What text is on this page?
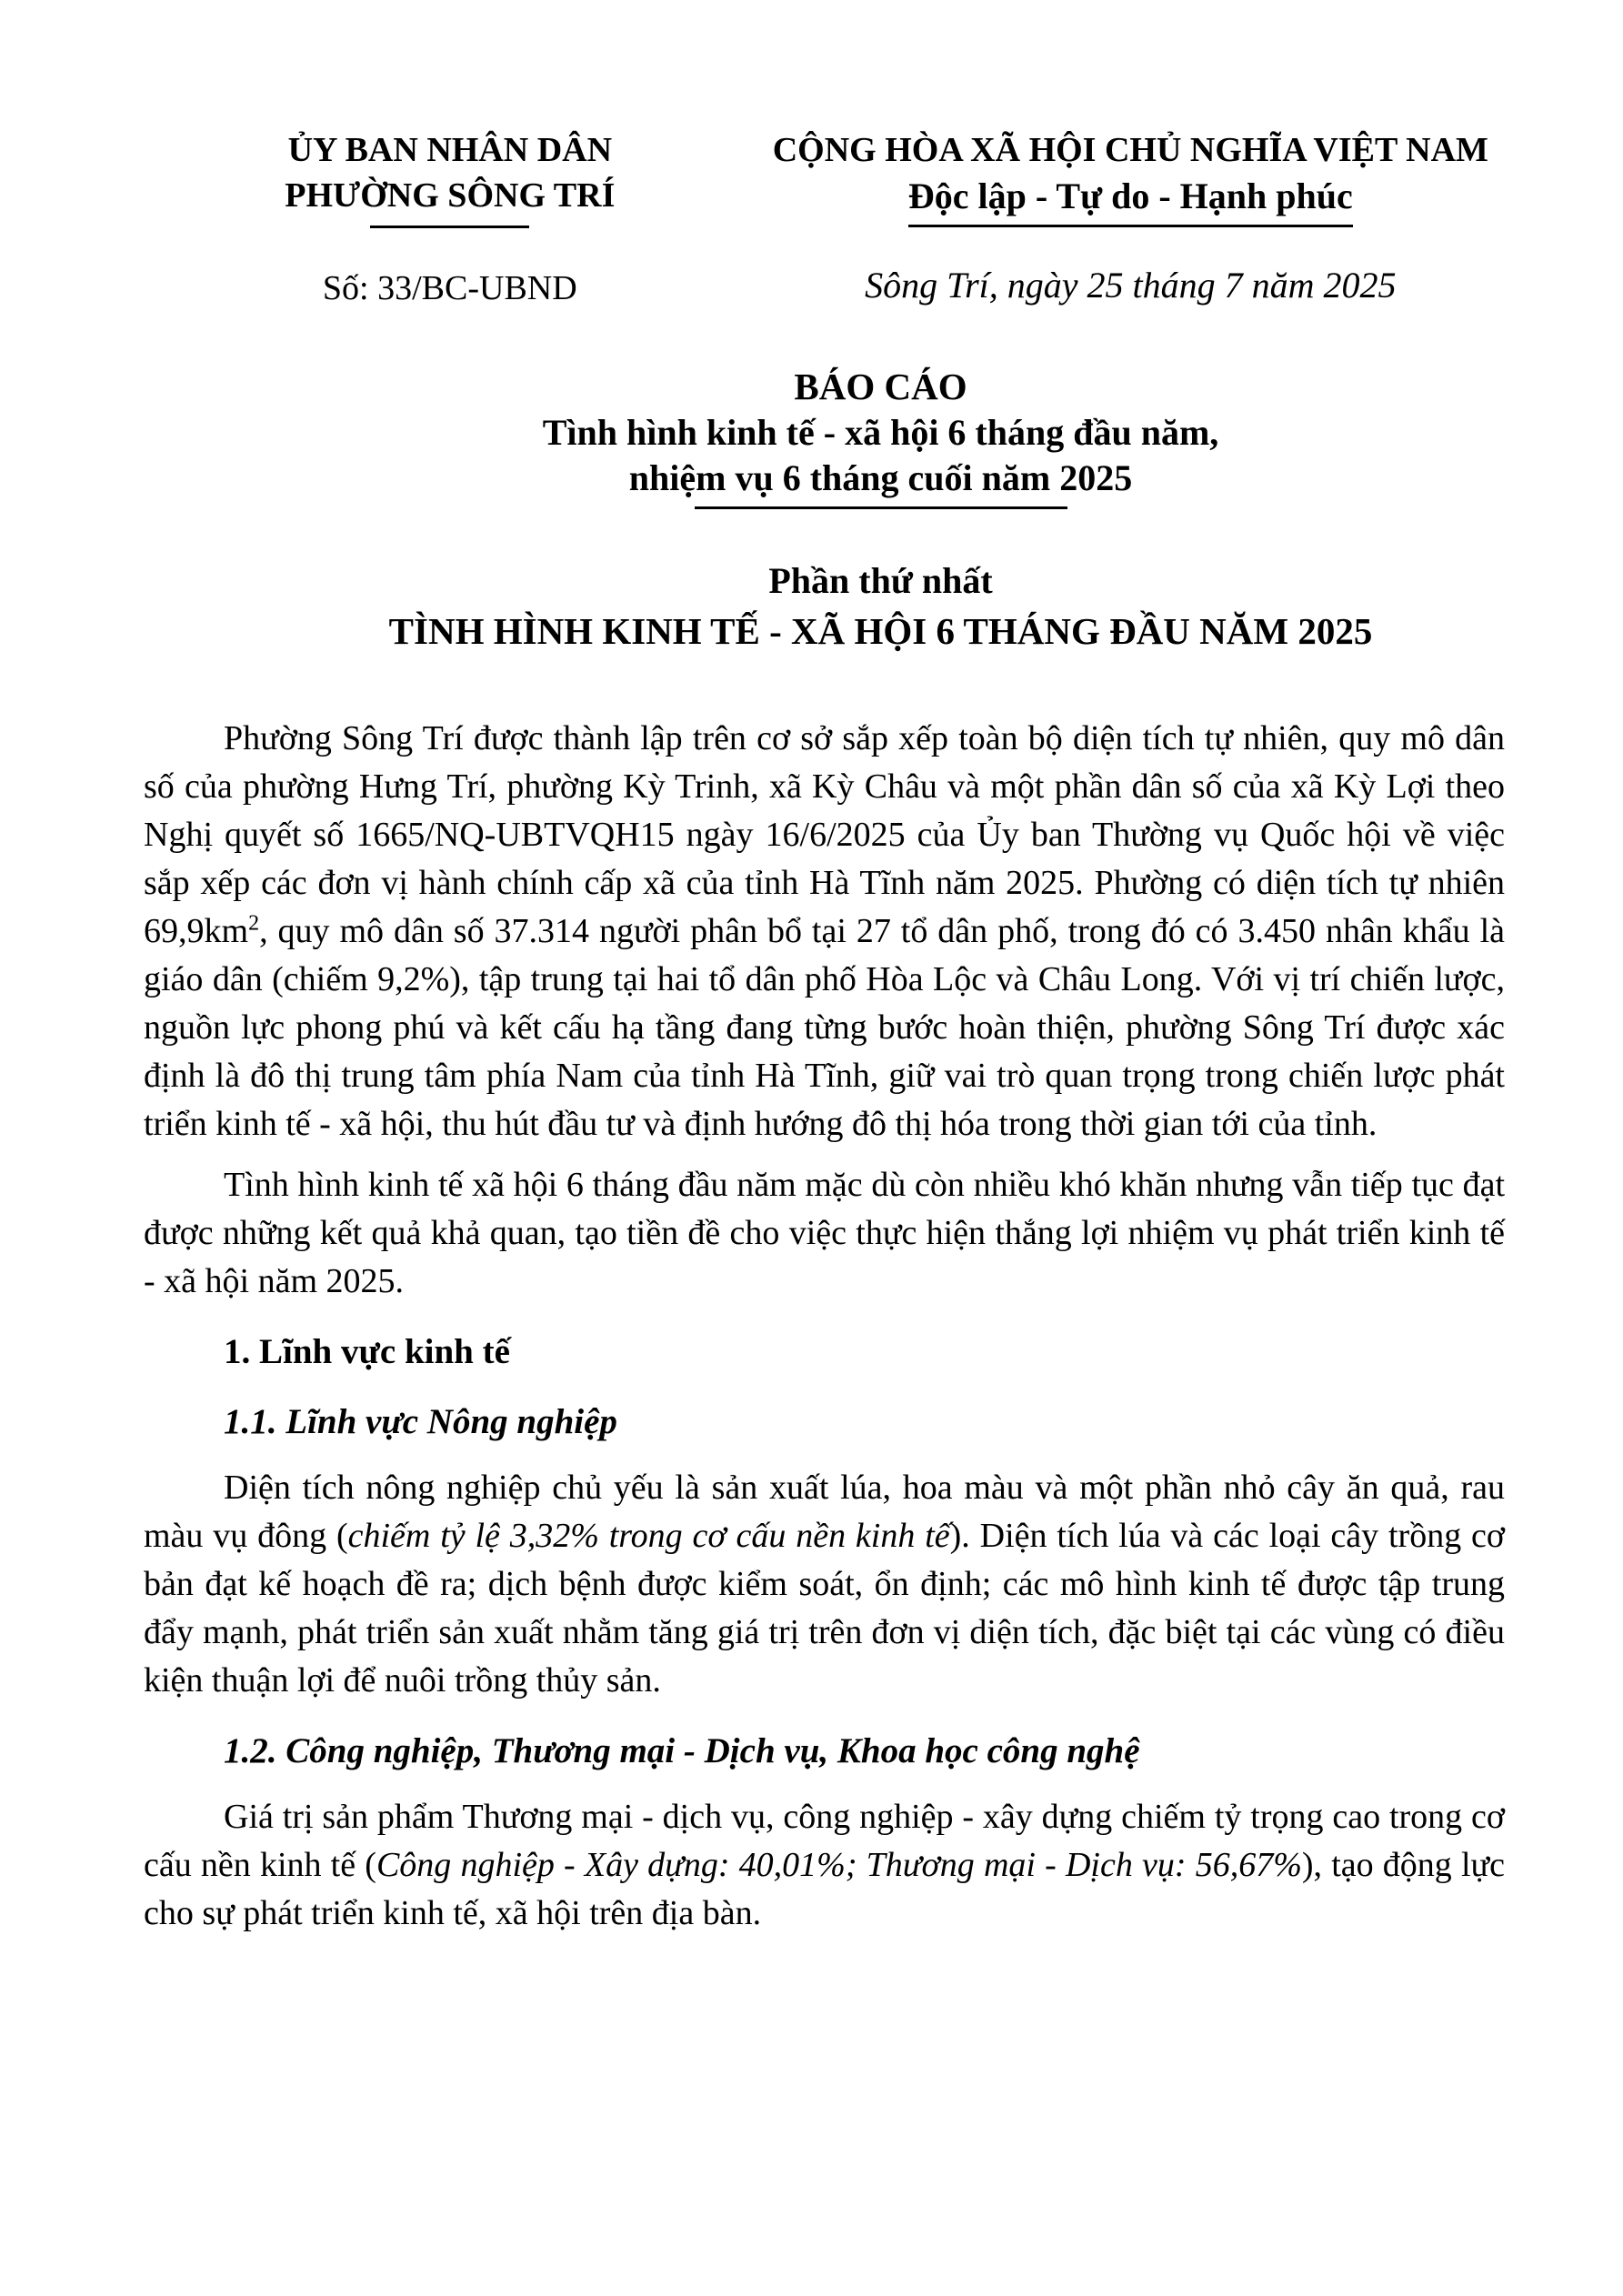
ỦY BAN NHÂN DÂN
PHƯỜNG SÔNG TRÍ
Số: 33/BC-UBND
CỘNG HÒA XÃ HỘI CHỦ NGHĨA VIỆT NAM
Độc lập - Tự do - Hạnh phúc
Sông Trí, ngày 25 tháng 7 năm 2025
BÁO CÁO
Tình hình kinh tế - xã hội 6 tháng đầu năm,
nhiệm vụ 6 tháng cuối năm 2025
Phần thứ nhất
TÌNH HÌNH KINH TẾ - XÃ HỘI 6 THÁNG ĐẦU NĂM 2025

Phường Sông Trí được thành lập trên cơ sở sắp xếp toàn bộ diện tích tự nhiên, quy mô dân số của phường Hưng Trí, phường Kỳ Trinh, xã Kỳ Châu và một phần dân số của xã Kỳ Lợi theo Nghị quyết số 1665/NQ-UBTVQH15 ngày 16/6/2025 của Ủy ban Thường vụ Quốc hội về việc sắp xếp các đơn vị hành chính cấp xã của tỉnh Hà Tĩnh năm 2025. Phường có diện tích tự nhiên $69,9km^2$, quy mô dân số 37.314 người phân bổ tại 27 tổ dân phố, trong đó có 3.450 nhân khẩu là giáo dân (chiếm 9,2%), tập trung tại hai tổ dân phố Hòa Lộc và Châu Long. Với vị trí chiến lược, nguồn lực phong phú và kết cấu hạ tầng đang từng bước hoàn thiện, phường Sông Trí được xác định là đô thị trung tâm phía Nam của tỉnh Hà Tĩnh, giữ vai trò quan trọng trong chiến lược phát triển kinh tế - xã hội, thu hút đầu tư và định hướng đô thị hóa trong thời gian tới của tỉnh.

Tình hình kinh tế xã hội 6 tháng đầu năm mặc dù còn nhiều khó khăn nhưng vẫn tiếp tục đạt được những kết quả khả quan, tạo tiền đề cho việc thực hiện thắng lợi nhiệm vụ phát triển kinh tế - xã hội năm 2025.

1. Lĩnh vực kinh tế
1.1. Lĩnh vực Nông nghiệp

Diện tích nông nghiệp chủ yếu là sản xuất lúa, hoa màu và một phần nhỏ cây ăn quả, rau màu vụ đông (chiếm tỷ lệ 3,32% trong cơ cấu nền kinh tế). Diện tích lúa và các loại cây trồng cơ bản đạt kế hoạch đề ra; dịch bệnh được kiểm soát, ổn định; các mô hình kinh tế được tập trung đẩy mạnh, phát triển sản xuất nhằm tăng giá trị trên đơn vị diện tích, đặc biệt tại các vùng có điều kiện thuận lợi để nuôi trồng thủy sản.

1.2. Công nghiệp, Thương mại - Dịch vụ, Khoa học công nghệ

Giá trị sản phẩm Thương mại - dịch vụ, công nghiệp - xây dựng chiếm tỷ trọng cao trong cơ cấu nền kinh tế (Công nghiệp - Xây dựng: 40,01%; Thương mại - Dịch vụ: 56,67%), tạo động lực cho sự phát triển kinh tế, xã hội trên địa bàn.
